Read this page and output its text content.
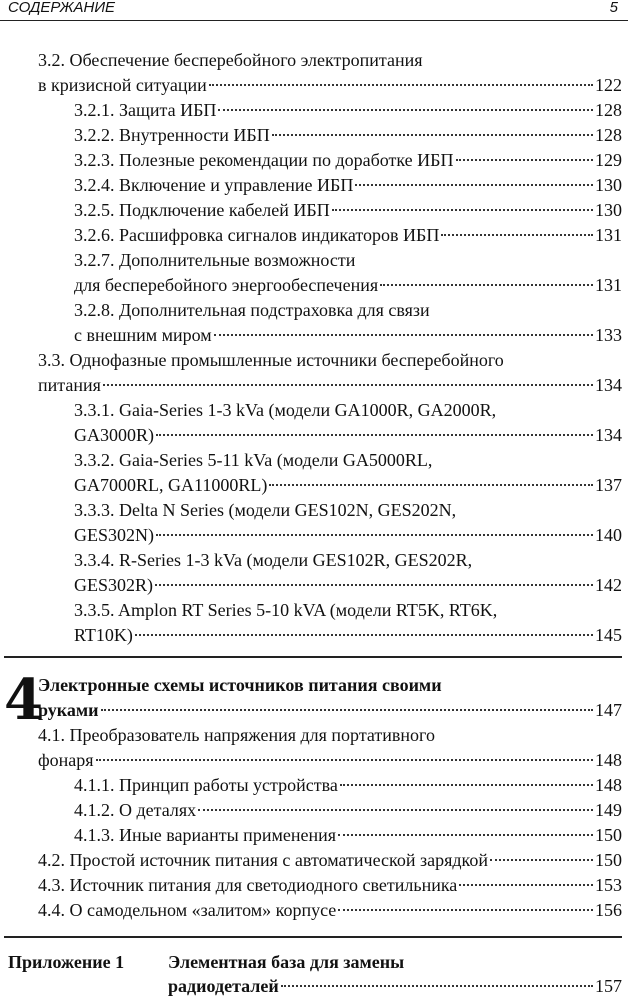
СОДЕРЖАНИЕ	5
3.2. Обеспечение бесперебойного электропитания
в кризисной ситуации	122
3.2.1. Защита ИБП	128
3.2.2. Внутренности ИБП	128
3.2.3. Полезные рекомендации по доработке ИБП	129
3.2.4. Включение и управление ИБП	130
3.2.5. Подключение кабелей ИБП	130
3.2.6. Расшифровка сигналов индикаторов ИБП	131
3.2.7. Дополнительные возможности
для бесперебойного энергообеспечения	131
3.2.8. Дополнительная подстраховка для связи
с внешним миром	133
3.3. Однофазные промышленные источники бесперебойного
питания	134
3.3.1. Gaia-Series 1-3 kVa (модели GA1000R, GA2000R,
GA3000R)	134
3.3.2. Gaia-Series 5-11 kVa (модели GA5000RL,
GA7000RL, GA11000RL)	137
3.3.3. Delta N Series (модели GES102N, GES202N,
GES302N)	140
3.3.4. R-Series 1-3 kVa (модели GES102R, GES202R,
GES302R)	142
3.3.5. Amplon RT Series 5-10 kVA (модели RT5K, RT6K,
RT10K)	145
4
Электронные схемы источников питания своими
руками	147
4.1. Преобразователь напряжения для портативного
фонаря	148
4.1.1. Принцип работы устройства	148
4.1.2. О деталях	149
4.1.3. Иные варианты применения	150
4.2. Простой источник питания с автоматической зарядкой	150
4.3. Источник питания для светодиодного светильника	153
4.4. О самодельном «залитом» корпусе	156
Приложение 1 Элементная база для замены
радиодеталей	157
